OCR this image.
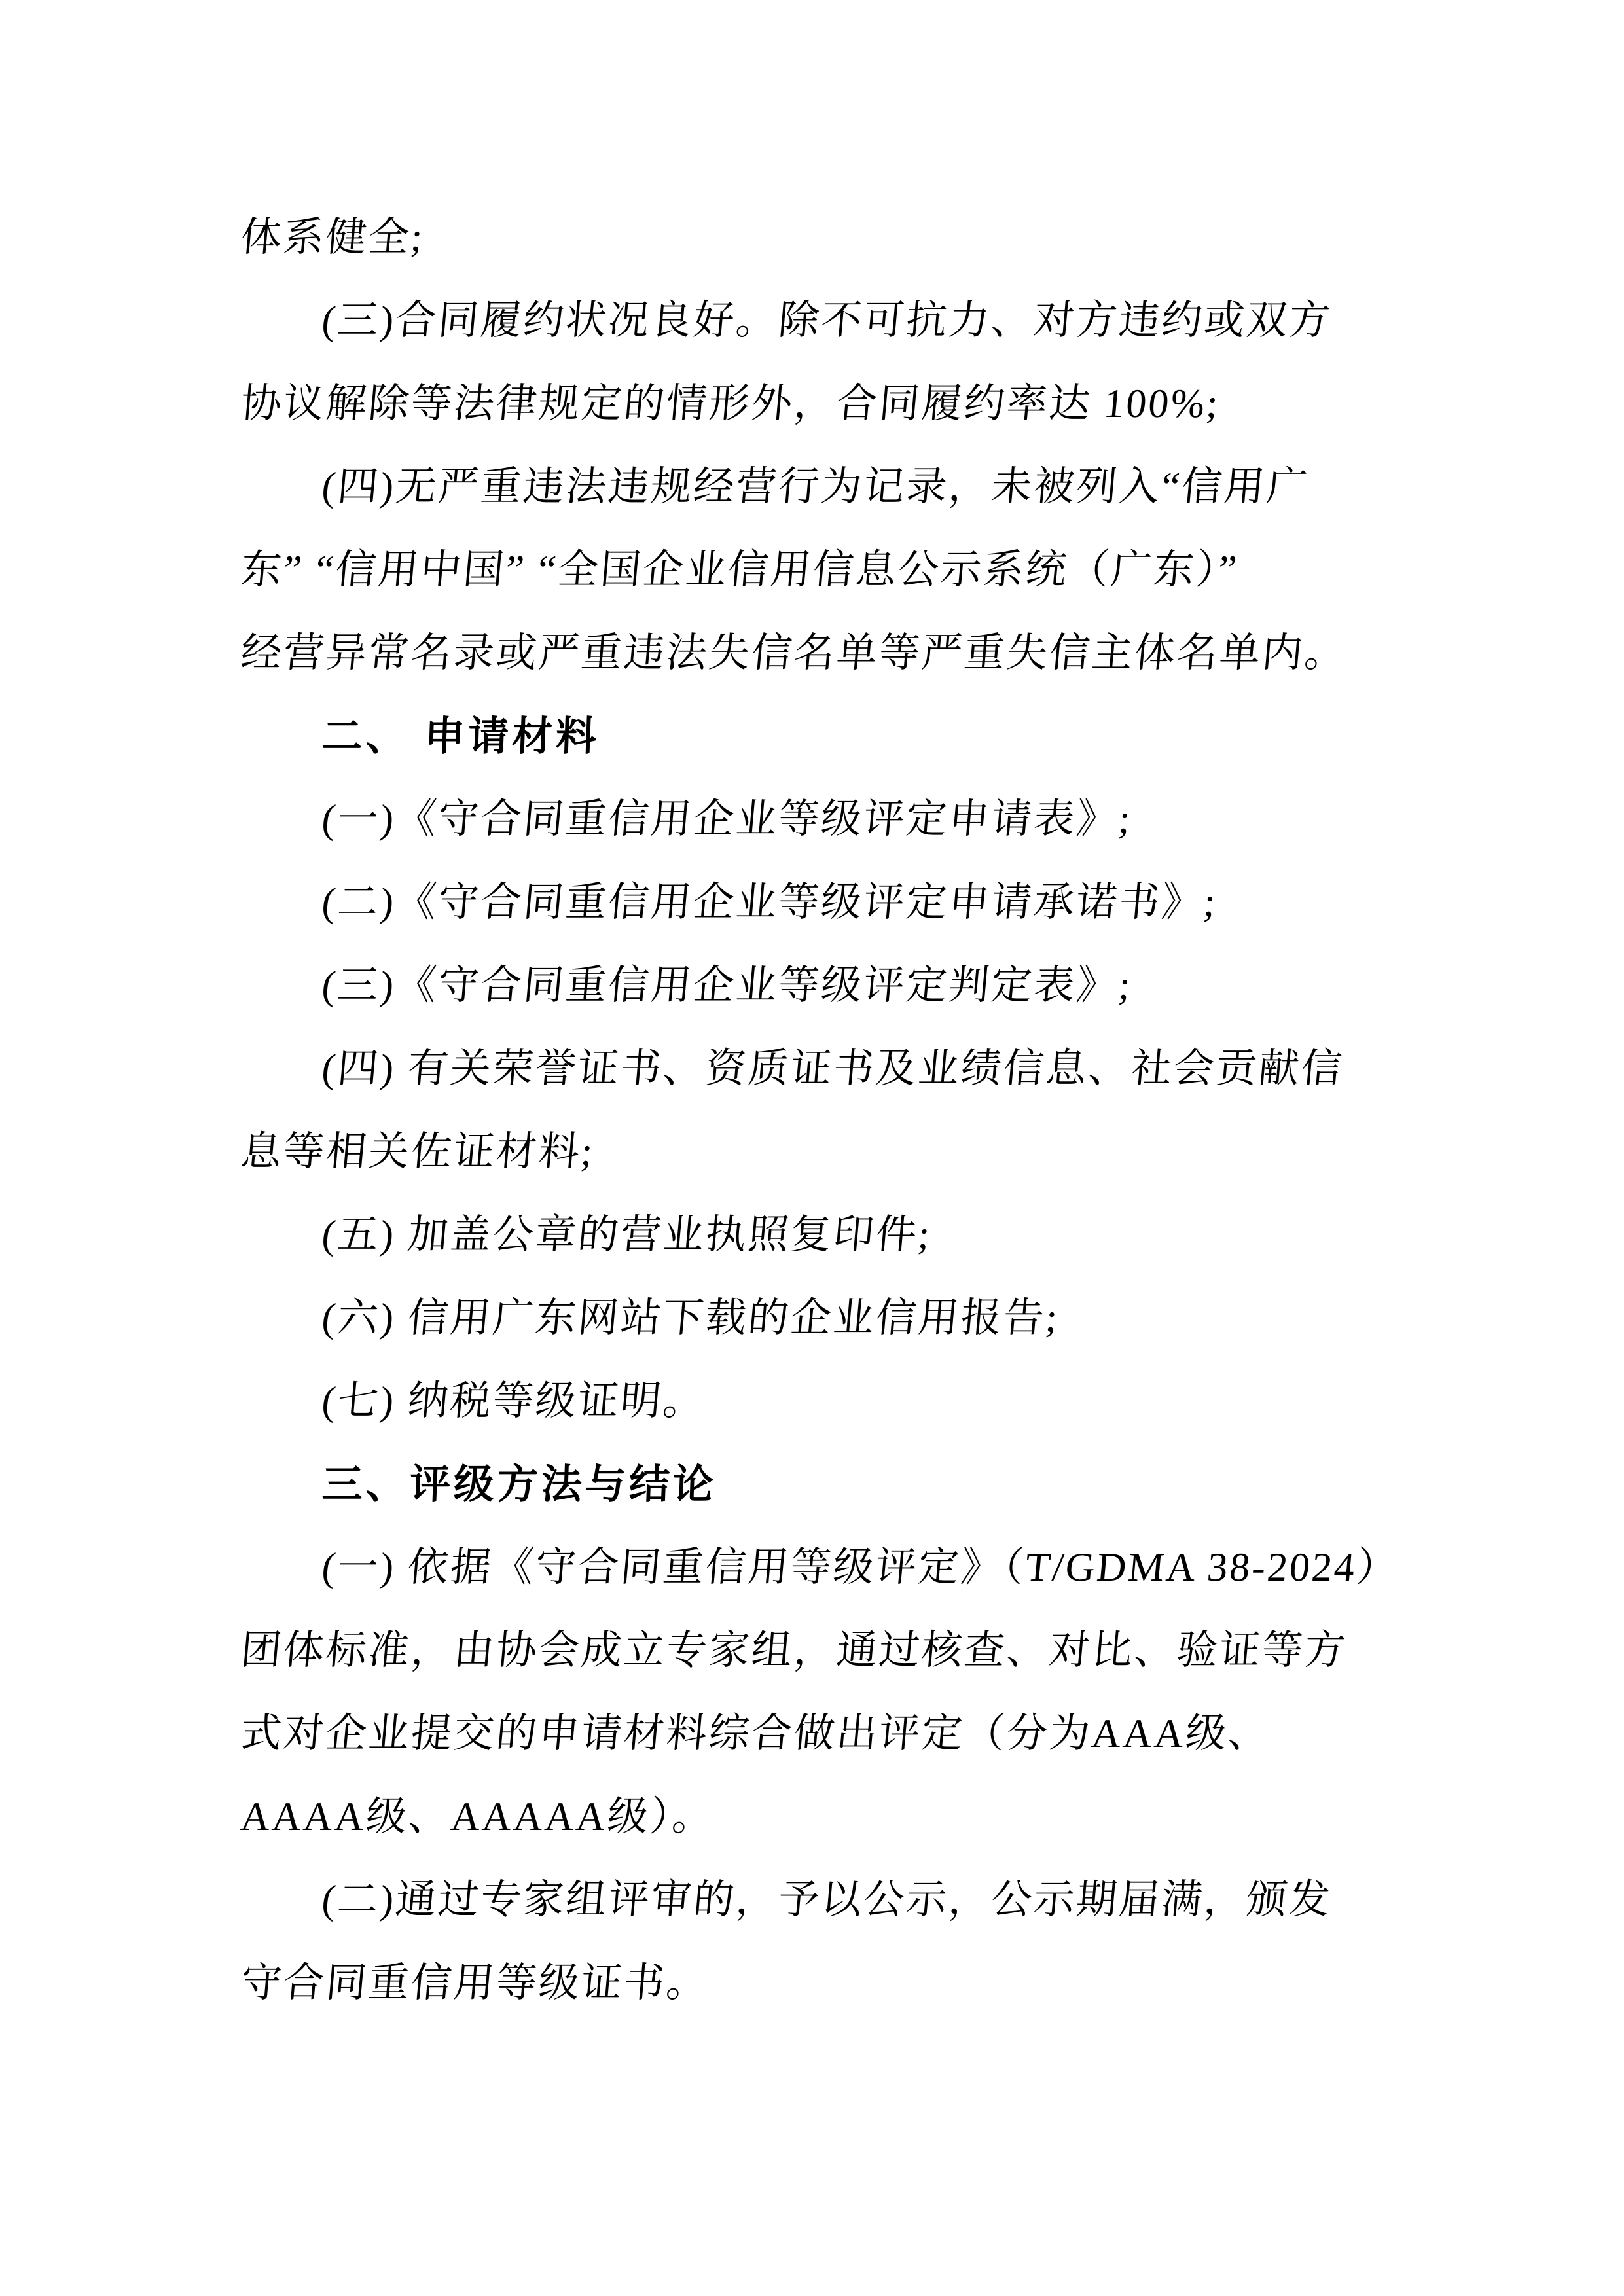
体系健全;
(三)合同履约状况良好。除不可抗力、对方违约或双方
协议解除等法律规定的情形外，合同履约率达 100%;
(四)无严重违法违规经营行为记录，未被列入“信用广
东” “信用中国” “全国企业信用信息公示系统（广东）”
经营异常名录或严重违法失信名单等严重失信主体名单内。
二、 申请材料
(一)《守合同重信用企业等级评定申请表》;
(二)《守合同重信用企业等级评定申请承诺书》;
(三)《守合同重信用企业等级评定判定表》;
(四) 有关荣誉证书、资质证书及业绩信息、社会贡献信
息等相关佐证材料;
(五) 加盖公章的营业执照复印件;
(六) 信用广东网站下载的企业信用报告;
(七) 纳税等级证明。
三、评级方法与结论
(一) 依据《守合同重信用等级评定》（T/GDMA 38-2024）
团体标准，由协会成立专家组，通过核查、对比、验证等方
式对企业提交的申请材料综合做出评定（分为AAA级、
AAAA级、AAAAA级）。
(二)通过专家组评审的，予以公示，公示期届满，颁发
守合同重信用等级证书。
